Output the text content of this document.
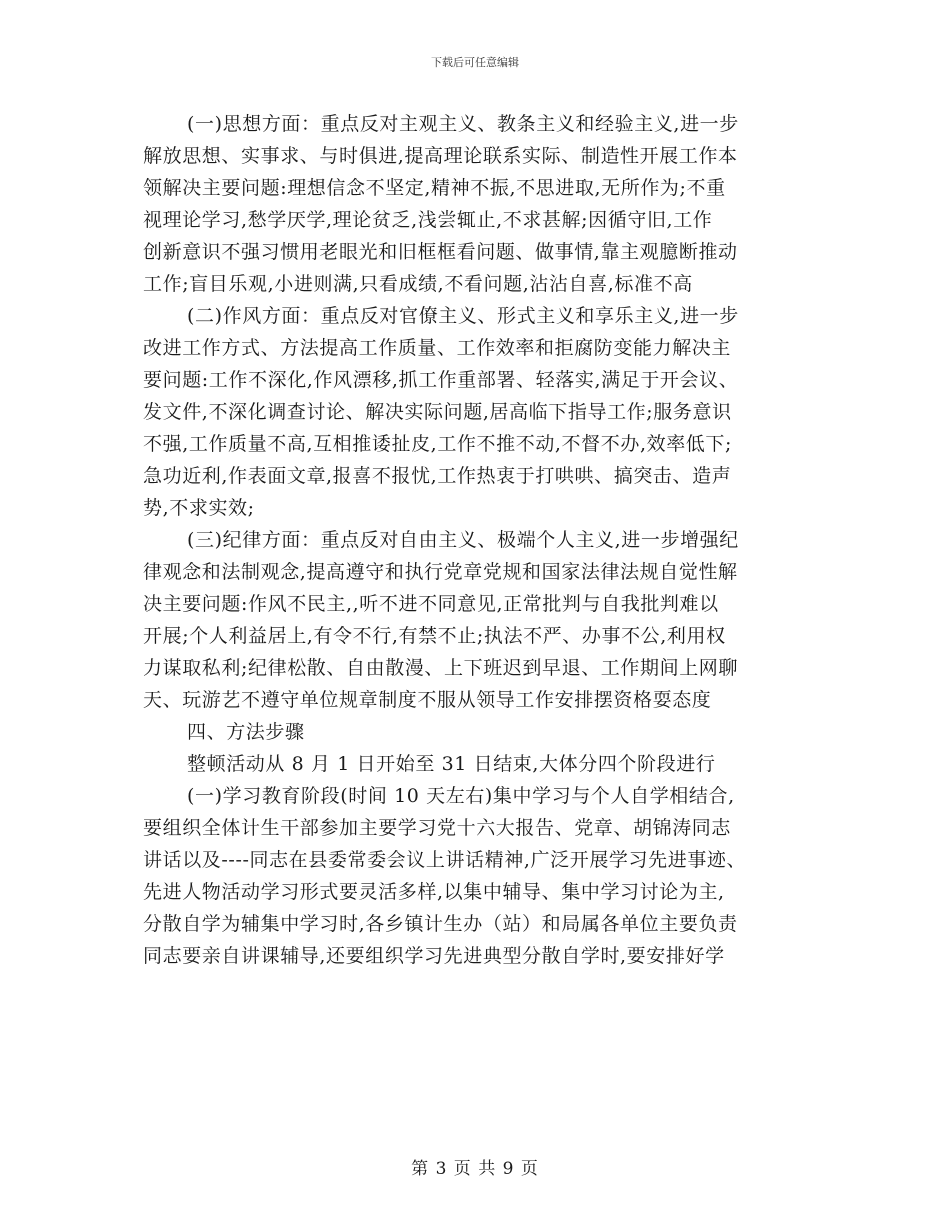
下载后可任意编辑
(一)思想方面：重点反对主观主义、教条主义和经验主义,进一步
解放思想、实事求、与时俱进,提高理论联系实际、制造性开展工作本
领解决主要问题:理想信念不坚定,精神不振,不思进取,无所作为;不重
视理论学习,愁学厌学,理论贫乏,浅尝辄止,不求甚解;因循守旧,工作
创新意识不强习惯用老眼光和旧框框看问题、做事情,靠主观臆断推动
工作;盲目乐观,小进则满,只看成绩,不看问题,沾沾自喜,标准不高
(二)作风方面：重点反对官僚主义、形式主义和享乐主义,进一步
改进工作方式、方法提高工作质量、工作效率和拒腐防变能力解决主
要问题:工作不深化,作风漂移,抓工作重部署、轻落实,满足于开会议、
发文件,不深化调查讨论、解决实际问题,居高临下指导工作;服务意识
不强,工作质量不高,互相推诿扯皮,工作不推不动,不督不办,效率低下;
急功近利,作表面文章,报喜不报忧,工作热衷于打哄哄、搞突击、造声
势,不求实效;
(三)纪律方面：重点反对自由主义、极端个人主义,进一步增强纪
律观念和法制观念,提高遵守和执行党章党规和国家法律法规自觉性解
决主要问题:作风不民主,,听不进不同意见,正常批判与自我批判难以
开展;个人利益居上,有令不行,有禁不止;执法不严、办事不公,利用权
力谋取私利;纪律松散、自由散漫、上下班迟到早退、工作期间上网聊
天、玩游艺不遵守单位规章制度不服从领导工作安排摆资格耍态度
四、方法步骤
整顿活动从 8 月 1 日开始至 31 日结束,大体分四个阶段进行
(一)学习教育阶段(时间 10 天左右)集中学习与个人自学相结合,
要组织全体计生干部参加主要学习党十六大报告、党章、胡锦涛同志
讲话以及----同志在县委常委会议上讲话精神,广泛开展学习先进事迹、
先进人物活动学习形式要灵活多样,以集中辅导、集中学习讨论为主,
分散自学为辅集中学习时,各乡镇计生办（站）和局属各单位主要负责
同志要亲自讲课辅导,还要组织学习先进典型分散自学时,要安排好学
第 3 页 共 9 页
